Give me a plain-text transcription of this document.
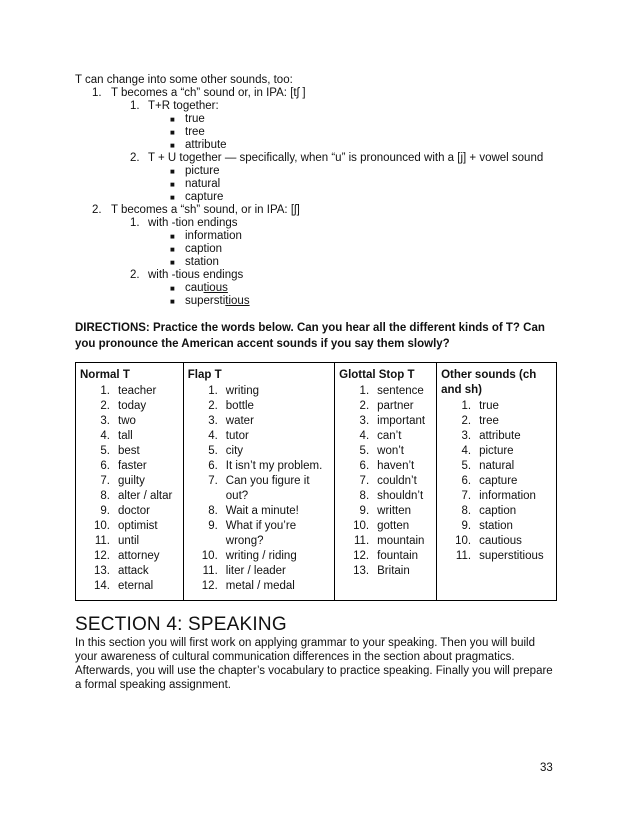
T can change into some other sounds, too:
1. T becomes a “ch” sound or, in IPA: [tʃ ]
1. T+R together:
■ true
■ tree
■ attribute
2. T + U together — specifically, when “u” is pronounced with a [j] + vowel sound
■ picture
■ natural
■ capture
2. T becomes a “sh” sound, or in IPA: [ʃ]
1. with -tion endings
■ information
■ caption
■ station
2. with -tious endings
■ cautious
■ superstitious
DIRECTIONS: Practice the words below. Can you hear all the different kinds of T? Can you pronounce the American accent sounds if you say them slowly?
Normal T
1. teacher
2. today
3. two
4. tall
5. best
6. faster
7. guilty
8. alter / altar
9. doctor
10. optimist
11. until
12. attorney
13. attack
14. eternal

Flap T
1. writing
2. bottle
3. water
4. tutor
5. city
6. It isn’t my problem.
7. Can you figure it out?
8. Wait a minute!
9. What if you’re wrong?
10. writing / riding
11. liter / leader
12. metal / medal

Glottal Stop T
1. sentence
2. partner
3. important
4. can’t
5. won’t
6. haven’t
7. couldn’t
8. shouldn’t
9. written
10. gotten
11. mountain
12. fountain
13. Britain

Other sounds (ch and sh)
1. true
2. tree
3. attribute
4. picture
5. natural
6. capture
7. information
8. caption
9. station
10. cautious
11. superstitious
SECTION 4: SPEAKING
In this section you will first work on applying grammar to your speaking. Then you will build your awareness of cultural communication differences in the section about pragmatics. Afterwards, you will use the chapter’s vocabulary to practice speaking. Finally you will prepare a formal speaking assignment.
33
